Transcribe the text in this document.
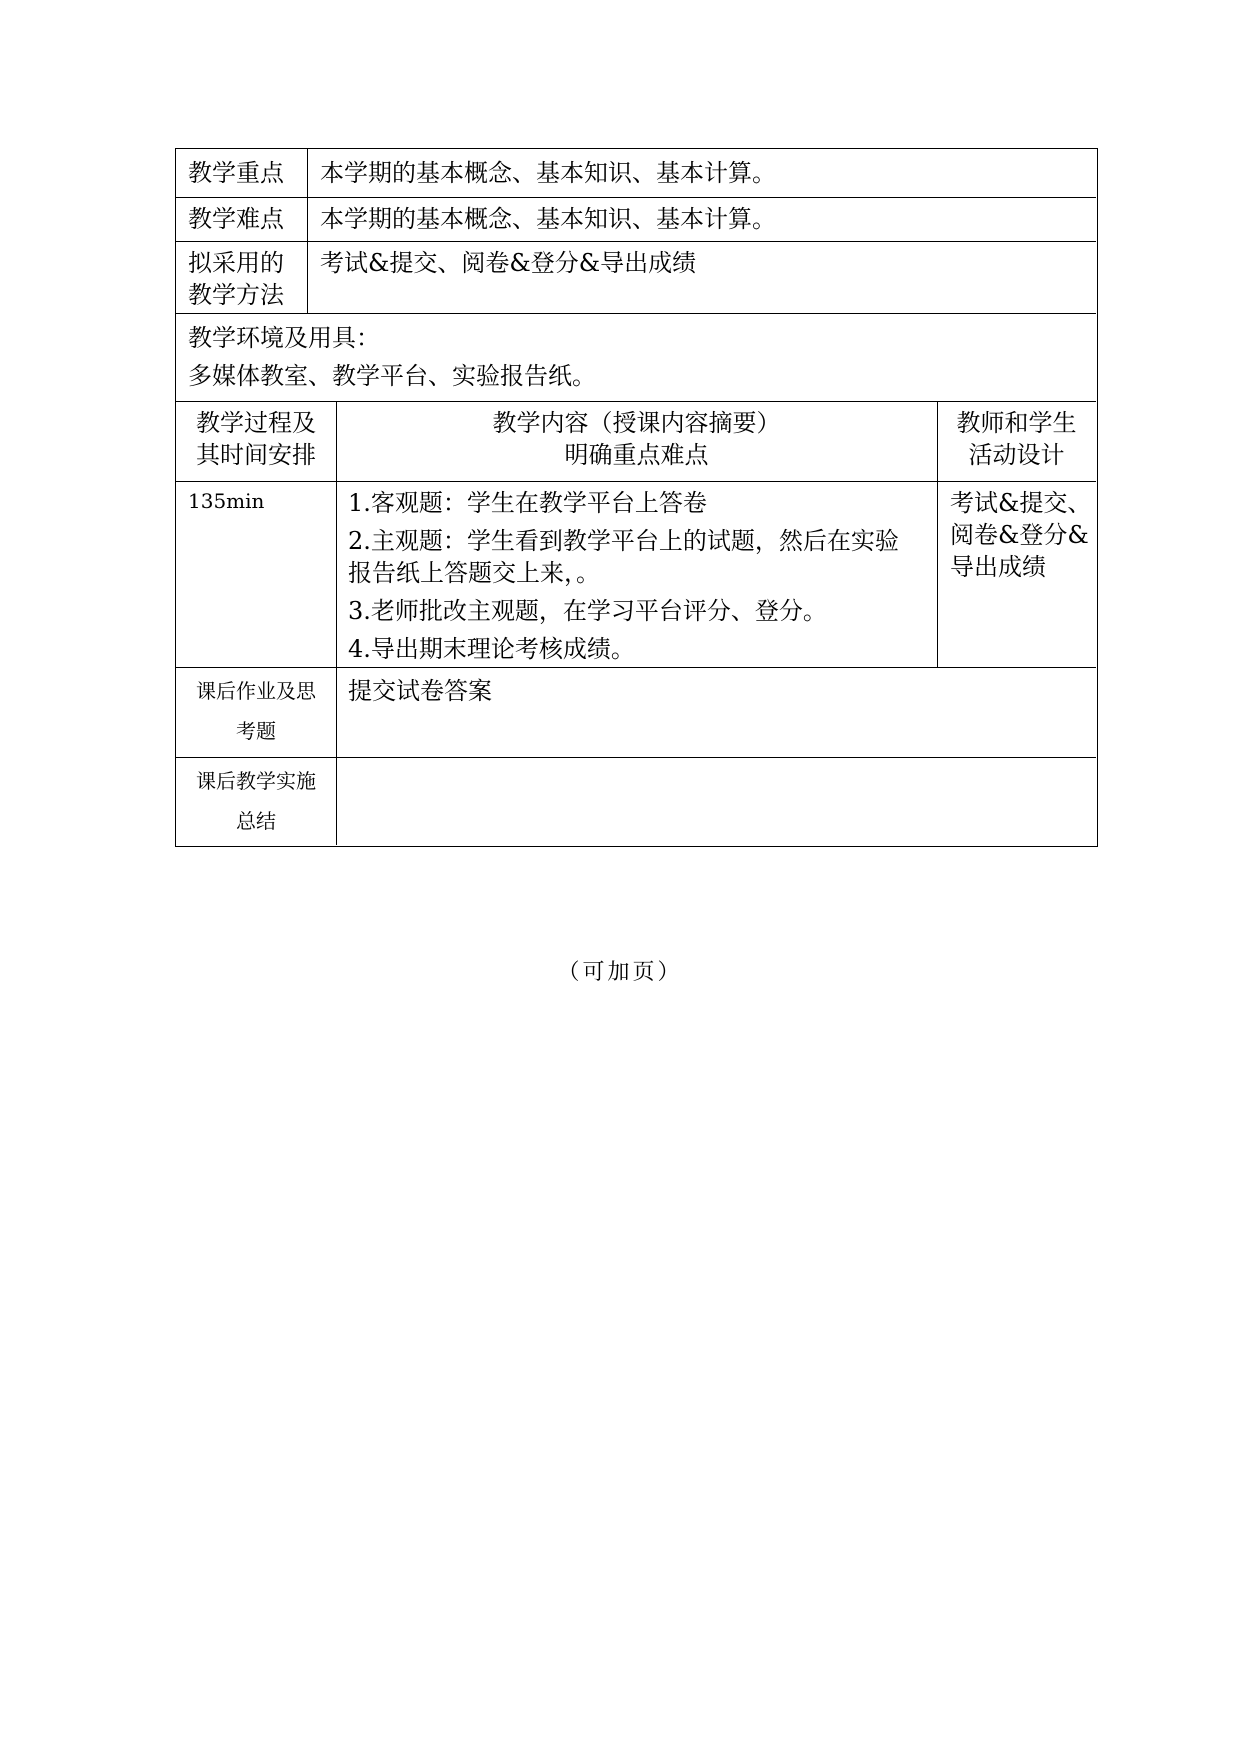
教学重点 本学期的基本概念、基本知识、基本计算。
教学难点 本学期的基本概念、基本知识、基本计算。
拟采用的
教学方法
考试&提交、阅卷&登分&导出成绩
教学环境及用具：
多媒体教室、教学平台、实验报告纸。
教学过程及
其时间安排
教学内容（授课内容摘要）
明确重点难点
教师和学生
活动设计
135min	1.客观题：学生在教学平台上答卷
2.主观题：学生看到教学平台上的试题，然后在实验
报告纸上答题交上来，。
3.老师批改主观题，在学习平台评分、登分。
4.导出期末理论考核成绩。
考试&提交、
阅卷&登分&
导出成绩
课后作业及思
考题
提交试卷答案
课后教学实施
总结
（可加页）
